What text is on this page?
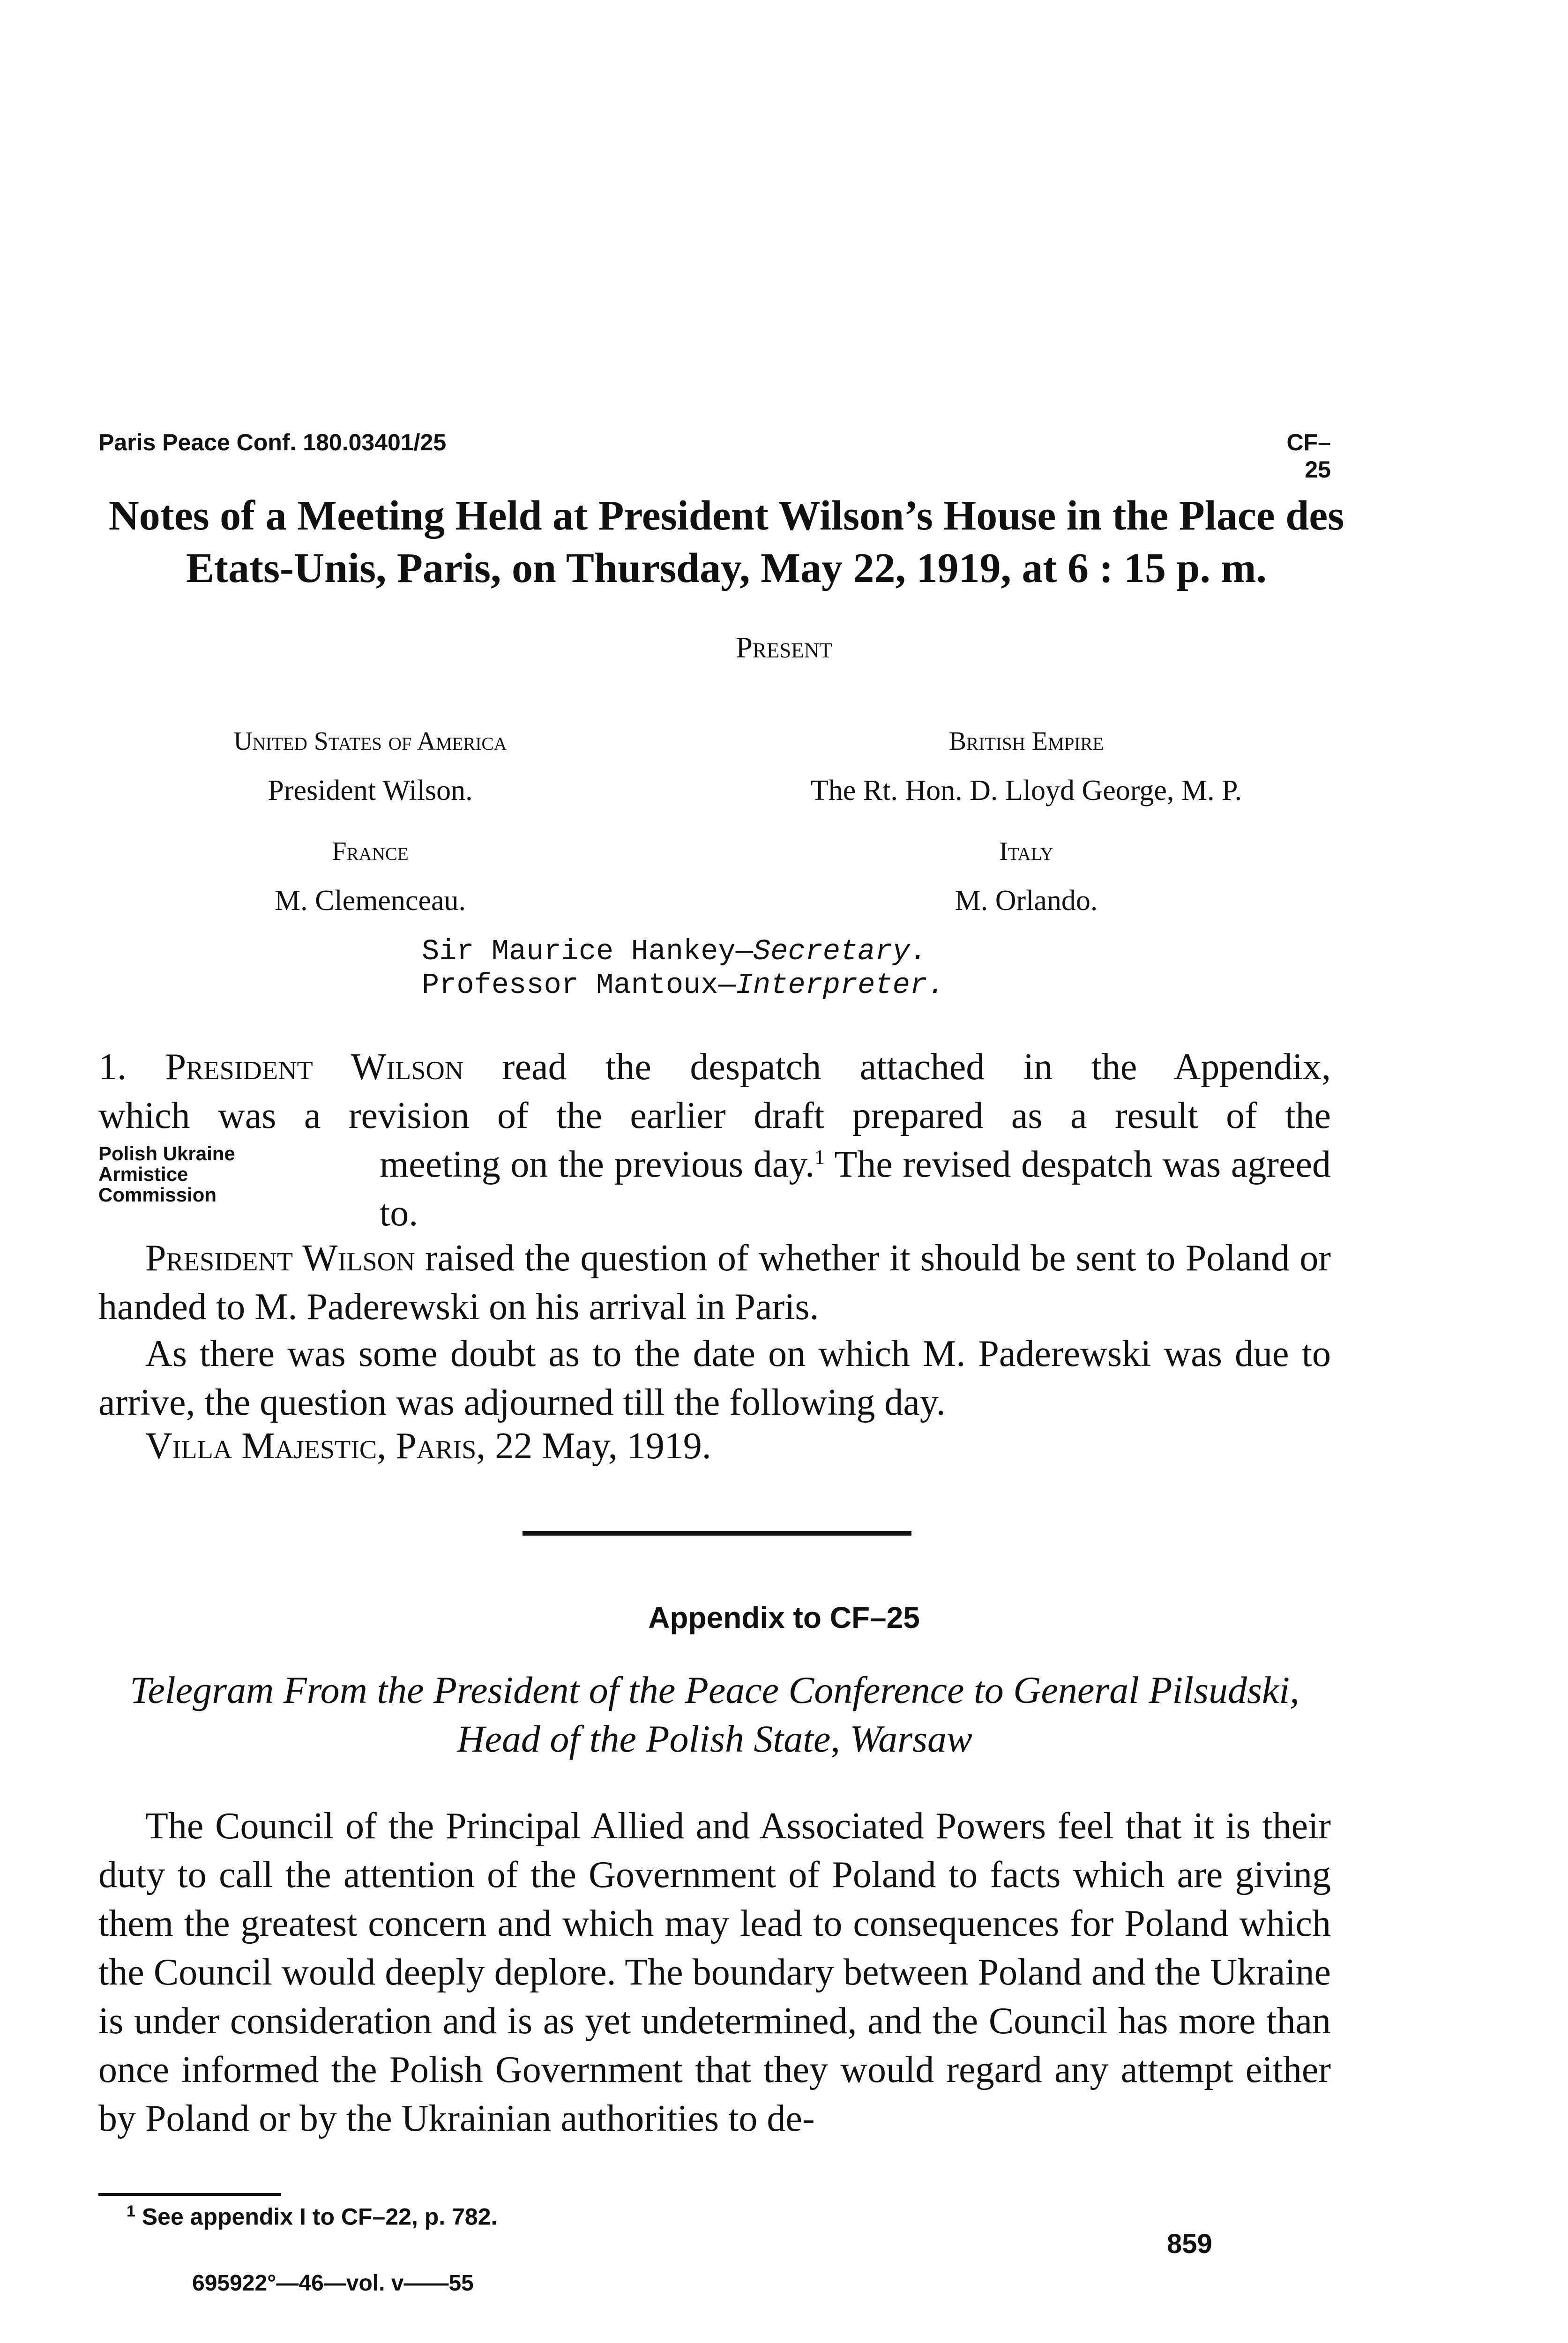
Paris Peace Conf. 180.03401/25	CF–25
Notes of a Meeting Held at President Wilson’s House in the Place des Etats-Unis, Paris, on Thursday, May 22, 1919, at 6 : 15 p. m.
Present
United States of America
President Wilson.
British Empire
The Rt. Hon. D. Lloyd George, M. P.
France
M. Clemenceau.
Italy
M. Orlando.
Sir Maurice Hankey—Secretary.
Professor Mantoux—Interpreter.
1. President Wilson read the despatch attached in the Appendix,
which was a revision of the earlier draft prepared as a result of the
Polish Ukraine
Armistice
Commission
meeting on the previous day.$^1$ The revised despatch was agreed to.
President Wilson raised the question of whether it should be sent to Poland or handed to M. Paderewski on his arrival in Paris.
As there was some doubt as to the date on which M. Paderewski was due to arrive, the question was adjourned till the following day.
Villa Majestic, Paris, 22 May, 1919.
Appendix to CF–25
Telegram From the President of the Peace Conference to General Pilsudski, Head of the Polish State, Warsaw
The Council of the Principal Allied and Associated Powers feel that it is their duty to call the attention of the Government of Poland to facts which are giving them the greatest concern and which may lead to consequences for Poland which the Council would deeply deplore. The boundary between Poland and the Ukraine is under consideration and is as yet undetermined, and the Council has more than once informed the Polish Government that they would regard any attempt either by Poland or by the Ukrainian authorities to de-
$^1$ See appendix I to CF–22, p. 782.
859
695922°—46—vol. v——55
